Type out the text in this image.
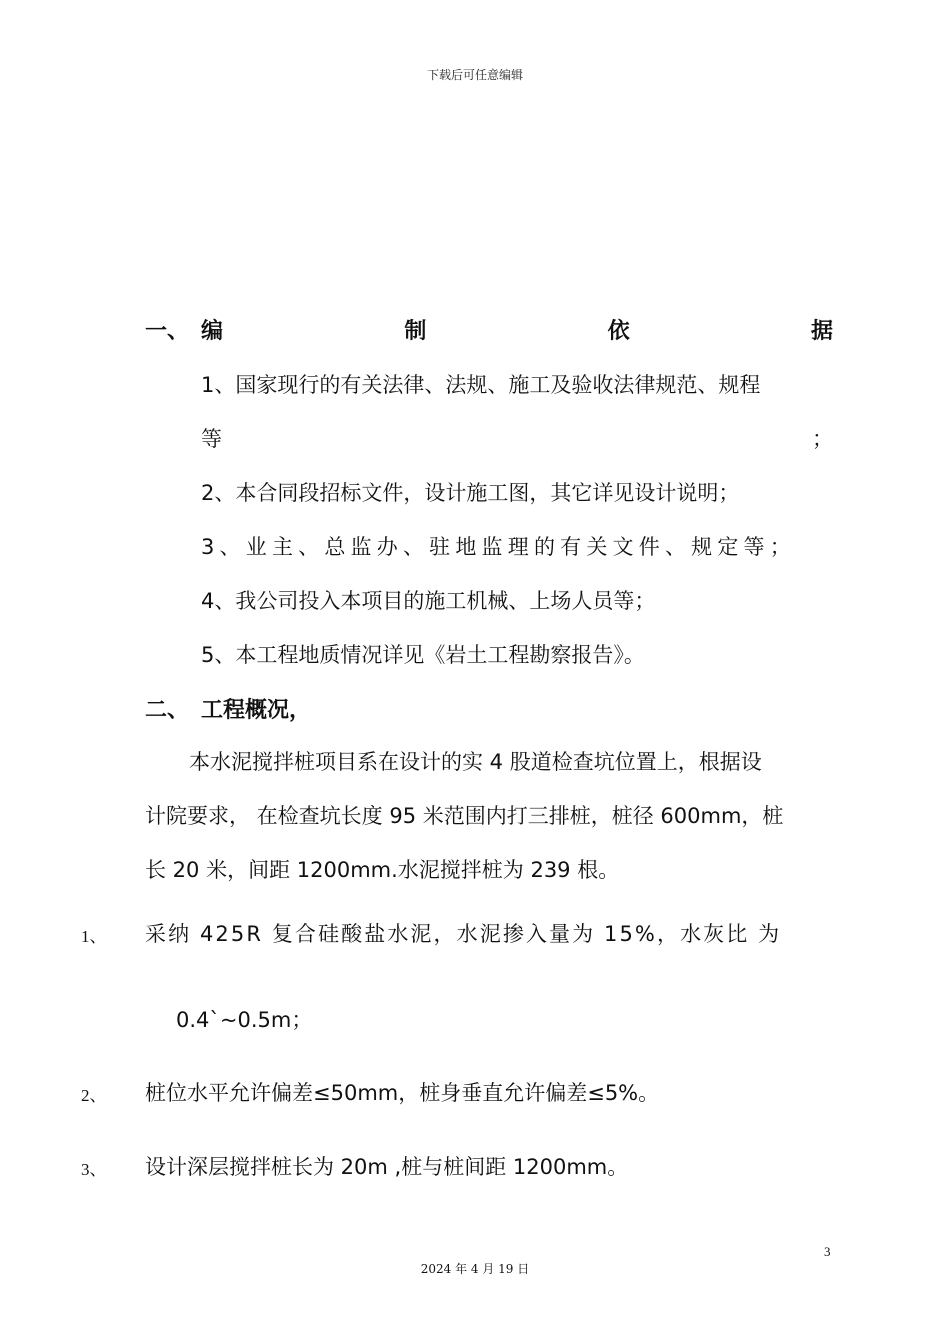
下载后可任意编辑
一、 编	制	依	据
1、国家现行的有关法律、法规、施工及验收法律规范、规程
等	；
2、本合同段招标文件，设计施工图，其它详见设计说明；
3、业主、总监办、驻地监理的有关文件、规定等；
4、我公司投入本项目的施工机械、上场人员等；
5、本工程地质情况详见《岩土工程勘察报告》。
二、 工程概况，
本水泥搅拌桩项目系在设计的实 4 股道检查坑位置上，根据设
计院要求， 在检查坑长度 95 米范围内打三排桩，桩径 600mm，桩
长 20 米，间距 1200mm.水泥搅拌桩为 239 根。
1、 采纳 425R 复合硅酸盐水泥，水泥掺入量为 15%，水灰比 为
0.4`~0.5m；
2、 桩位水平允许偏差≤50mm，桩身垂直允许偏差≤5%。
3、 设计深层搅拌桩长为 20m ,桩与桩间距 1200mm。
3
2024 年 4 月 19 日
